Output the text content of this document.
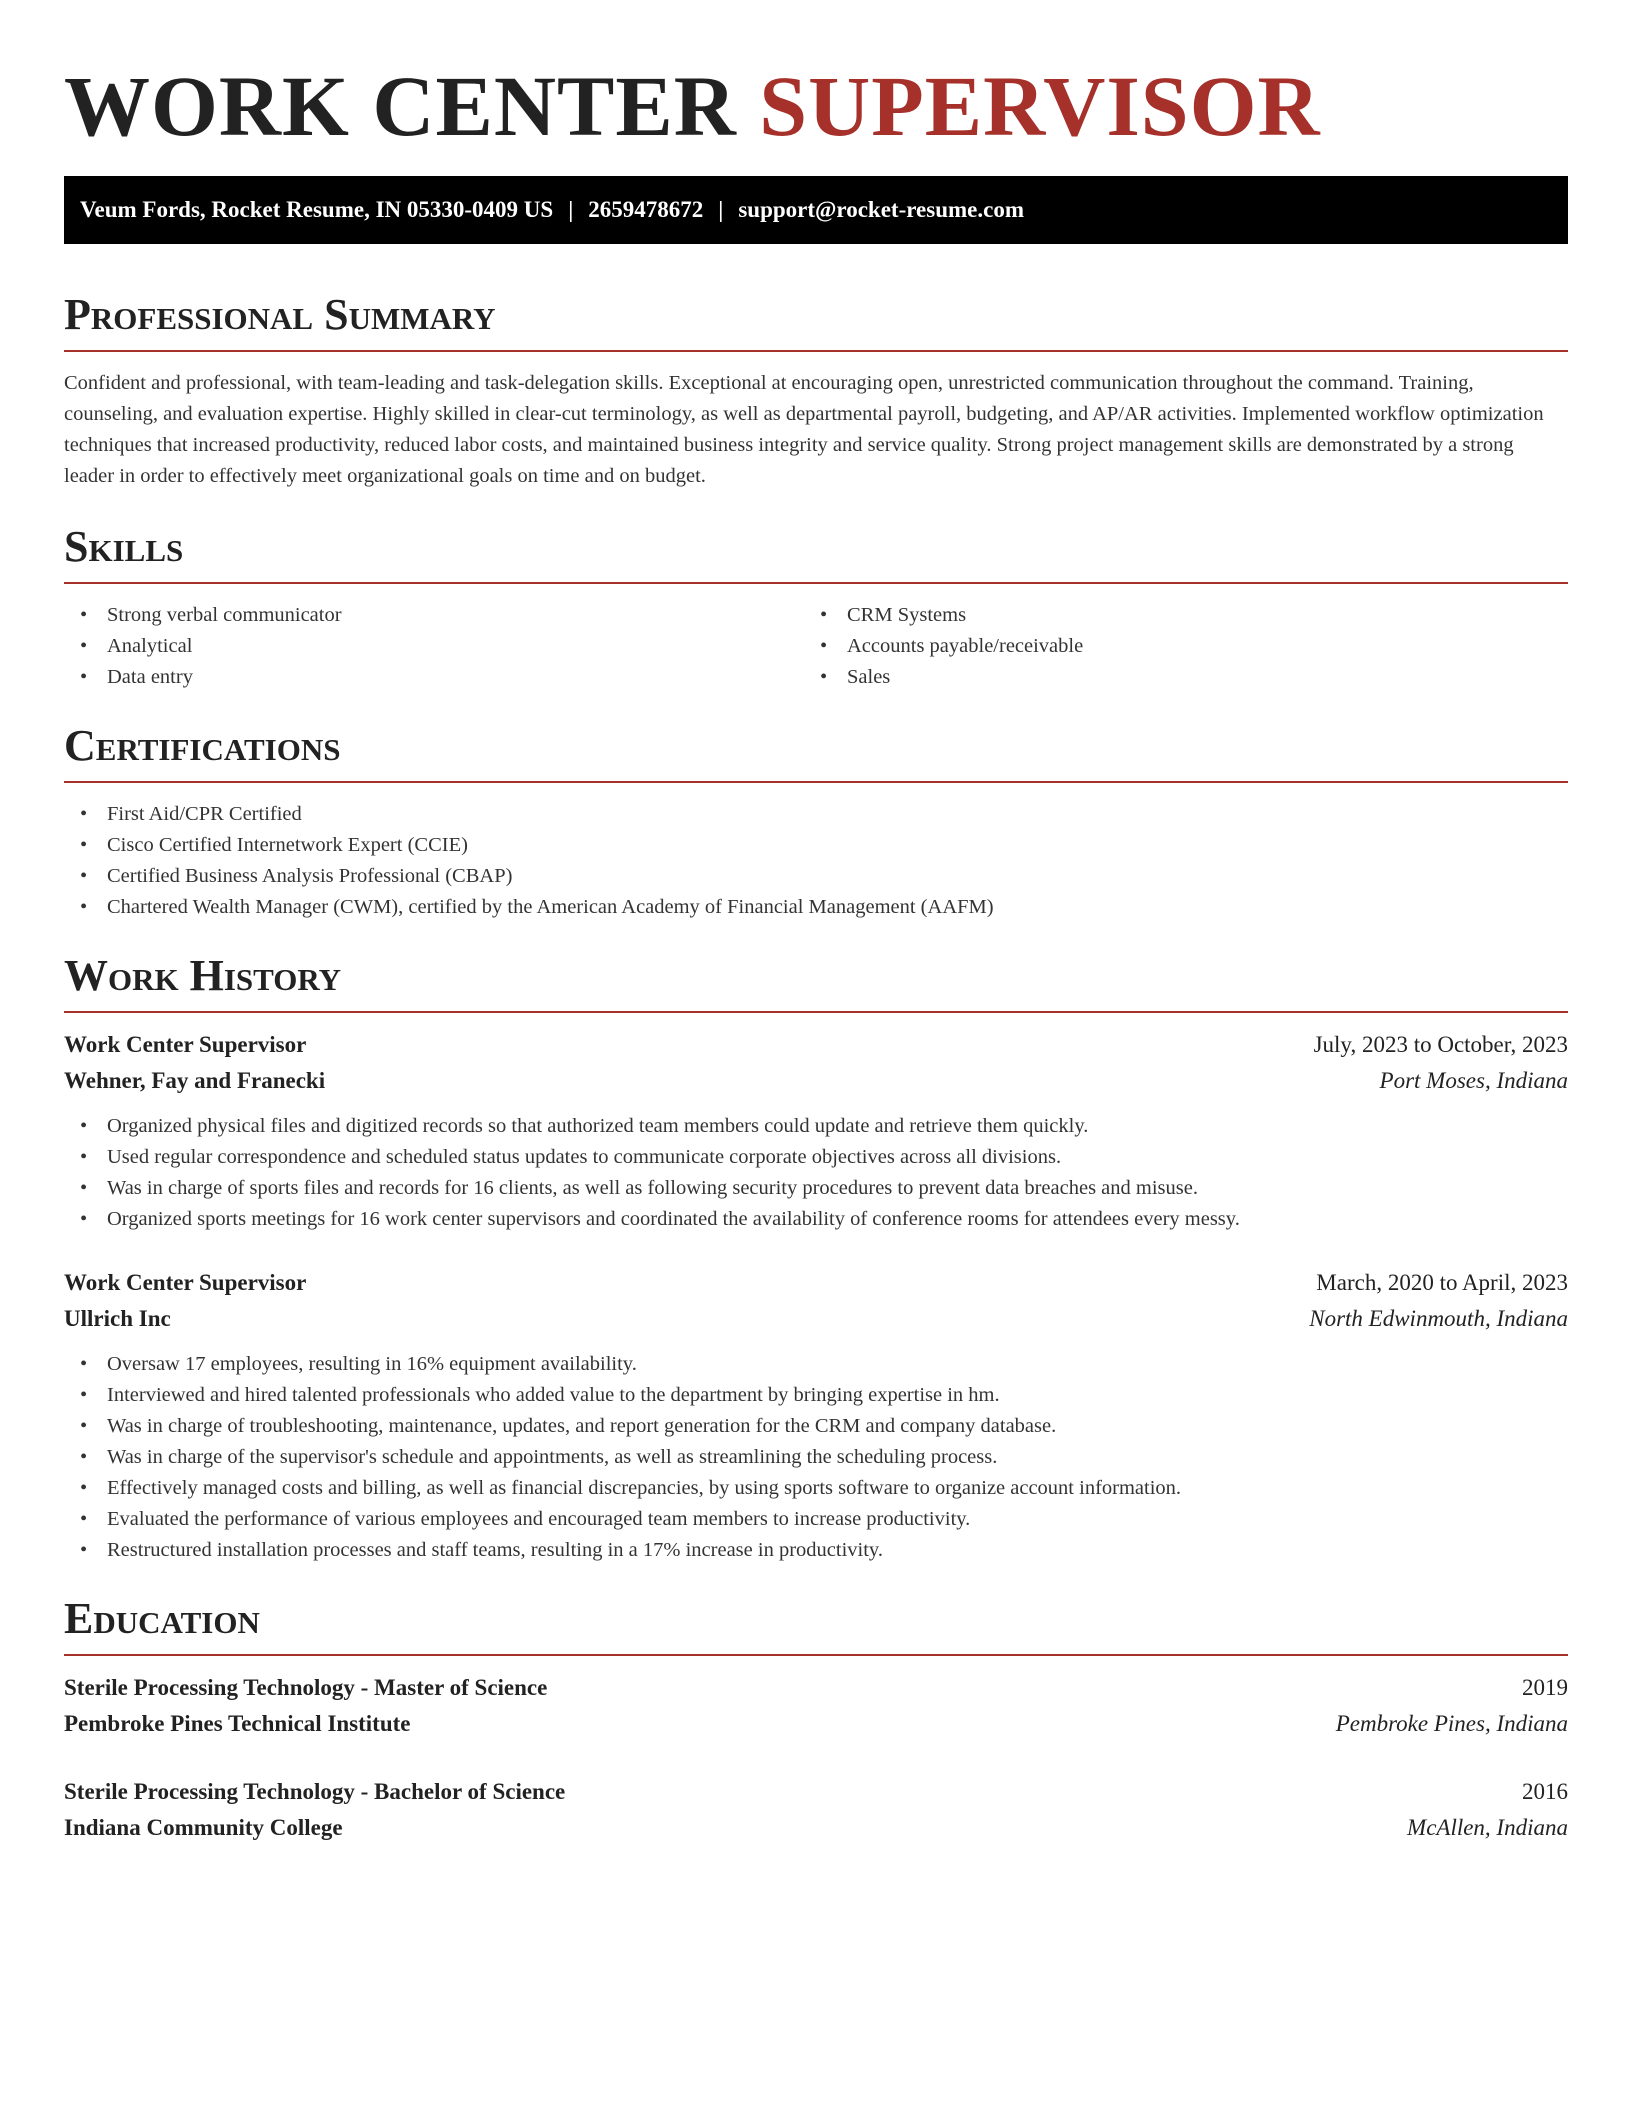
WORK CENTER SUPERVISOR
Veum Fords, Rocket Resume, IN 05330-0409 US | 2659478672 | support@rocket-resume.com
Professional Summary

Confident and professional, with team-leading and task-delegation skills. Exceptional at encouraging open, unrestricted communication throughout the command. Training, counseling, and evaluation expertise. Highly skilled in clear-cut terminology, as well as departmental payroll, budgeting, and AP/AR activities. Implemented workflow optimization techniques that increased productivity, reduced labor costs, and maintained business integrity and service quality. Strong project management skills are demonstrated by a strong leader in order to effectively meet organizational goals on time and on budget.

Skills
• Strong verbal communicator
• Analytical
• Data entry
• CRM Systems
• Accounts payable/receivable
• Sales
Certifications
• First Aid/CPR Certified
• Cisco Certified Internetwork Expert (CCIE)
• Certified Business Analysis Professional (CBAP)
• Chartered Wealth Manager (CWM), certified by the American Academy of Financial Management (AAFM)
Work History
Work Center Supervisor	July, 2023 to October, 2023
Wehner, Fay and Franecki	Port Moses, Indiana
• Organized physical files and digitized records so that authorized team members could update and retrieve them quickly.
• Used regular correspondence and scheduled status updates to communicate corporate objectives across all divisions.
• Was in charge of sports files and records for 16 clients, as well as following security procedures to prevent data breaches and misuse.
• Organized sports meetings for 16 work center supervisors and coordinated the availability of conference rooms for attendees every messy.
Work Center Supervisor	March, 2020 to April, 2023
Ullrich Inc	North Edwinmouth, Indiana
• Oversaw 17 employees, resulting in 16% equipment availability.
• Interviewed and hired talented professionals who added value to the department by bringing expertise in hm.
• Was in charge of troubleshooting, maintenance, updates, and report generation for the CRM and company database.
• Was in charge of the supervisor's schedule and appointments, as well as streamlining the scheduling process.
• Effectively managed costs and billing, as well as financial discrepancies, by using sports software to organize account information.
• Evaluated the performance of various employees and encouraged team members to increase productivity.
• Restructured installation processes and staff teams, resulting in a 17% increase in productivity.
Education
Sterile Processing Technology - Master of Science	2019
Pembroke Pines Technical Institute	Pembroke Pines, Indiana
Sterile Processing Technology - Bachelor of Science	2016
Indiana Community College	McAllen, Indiana
